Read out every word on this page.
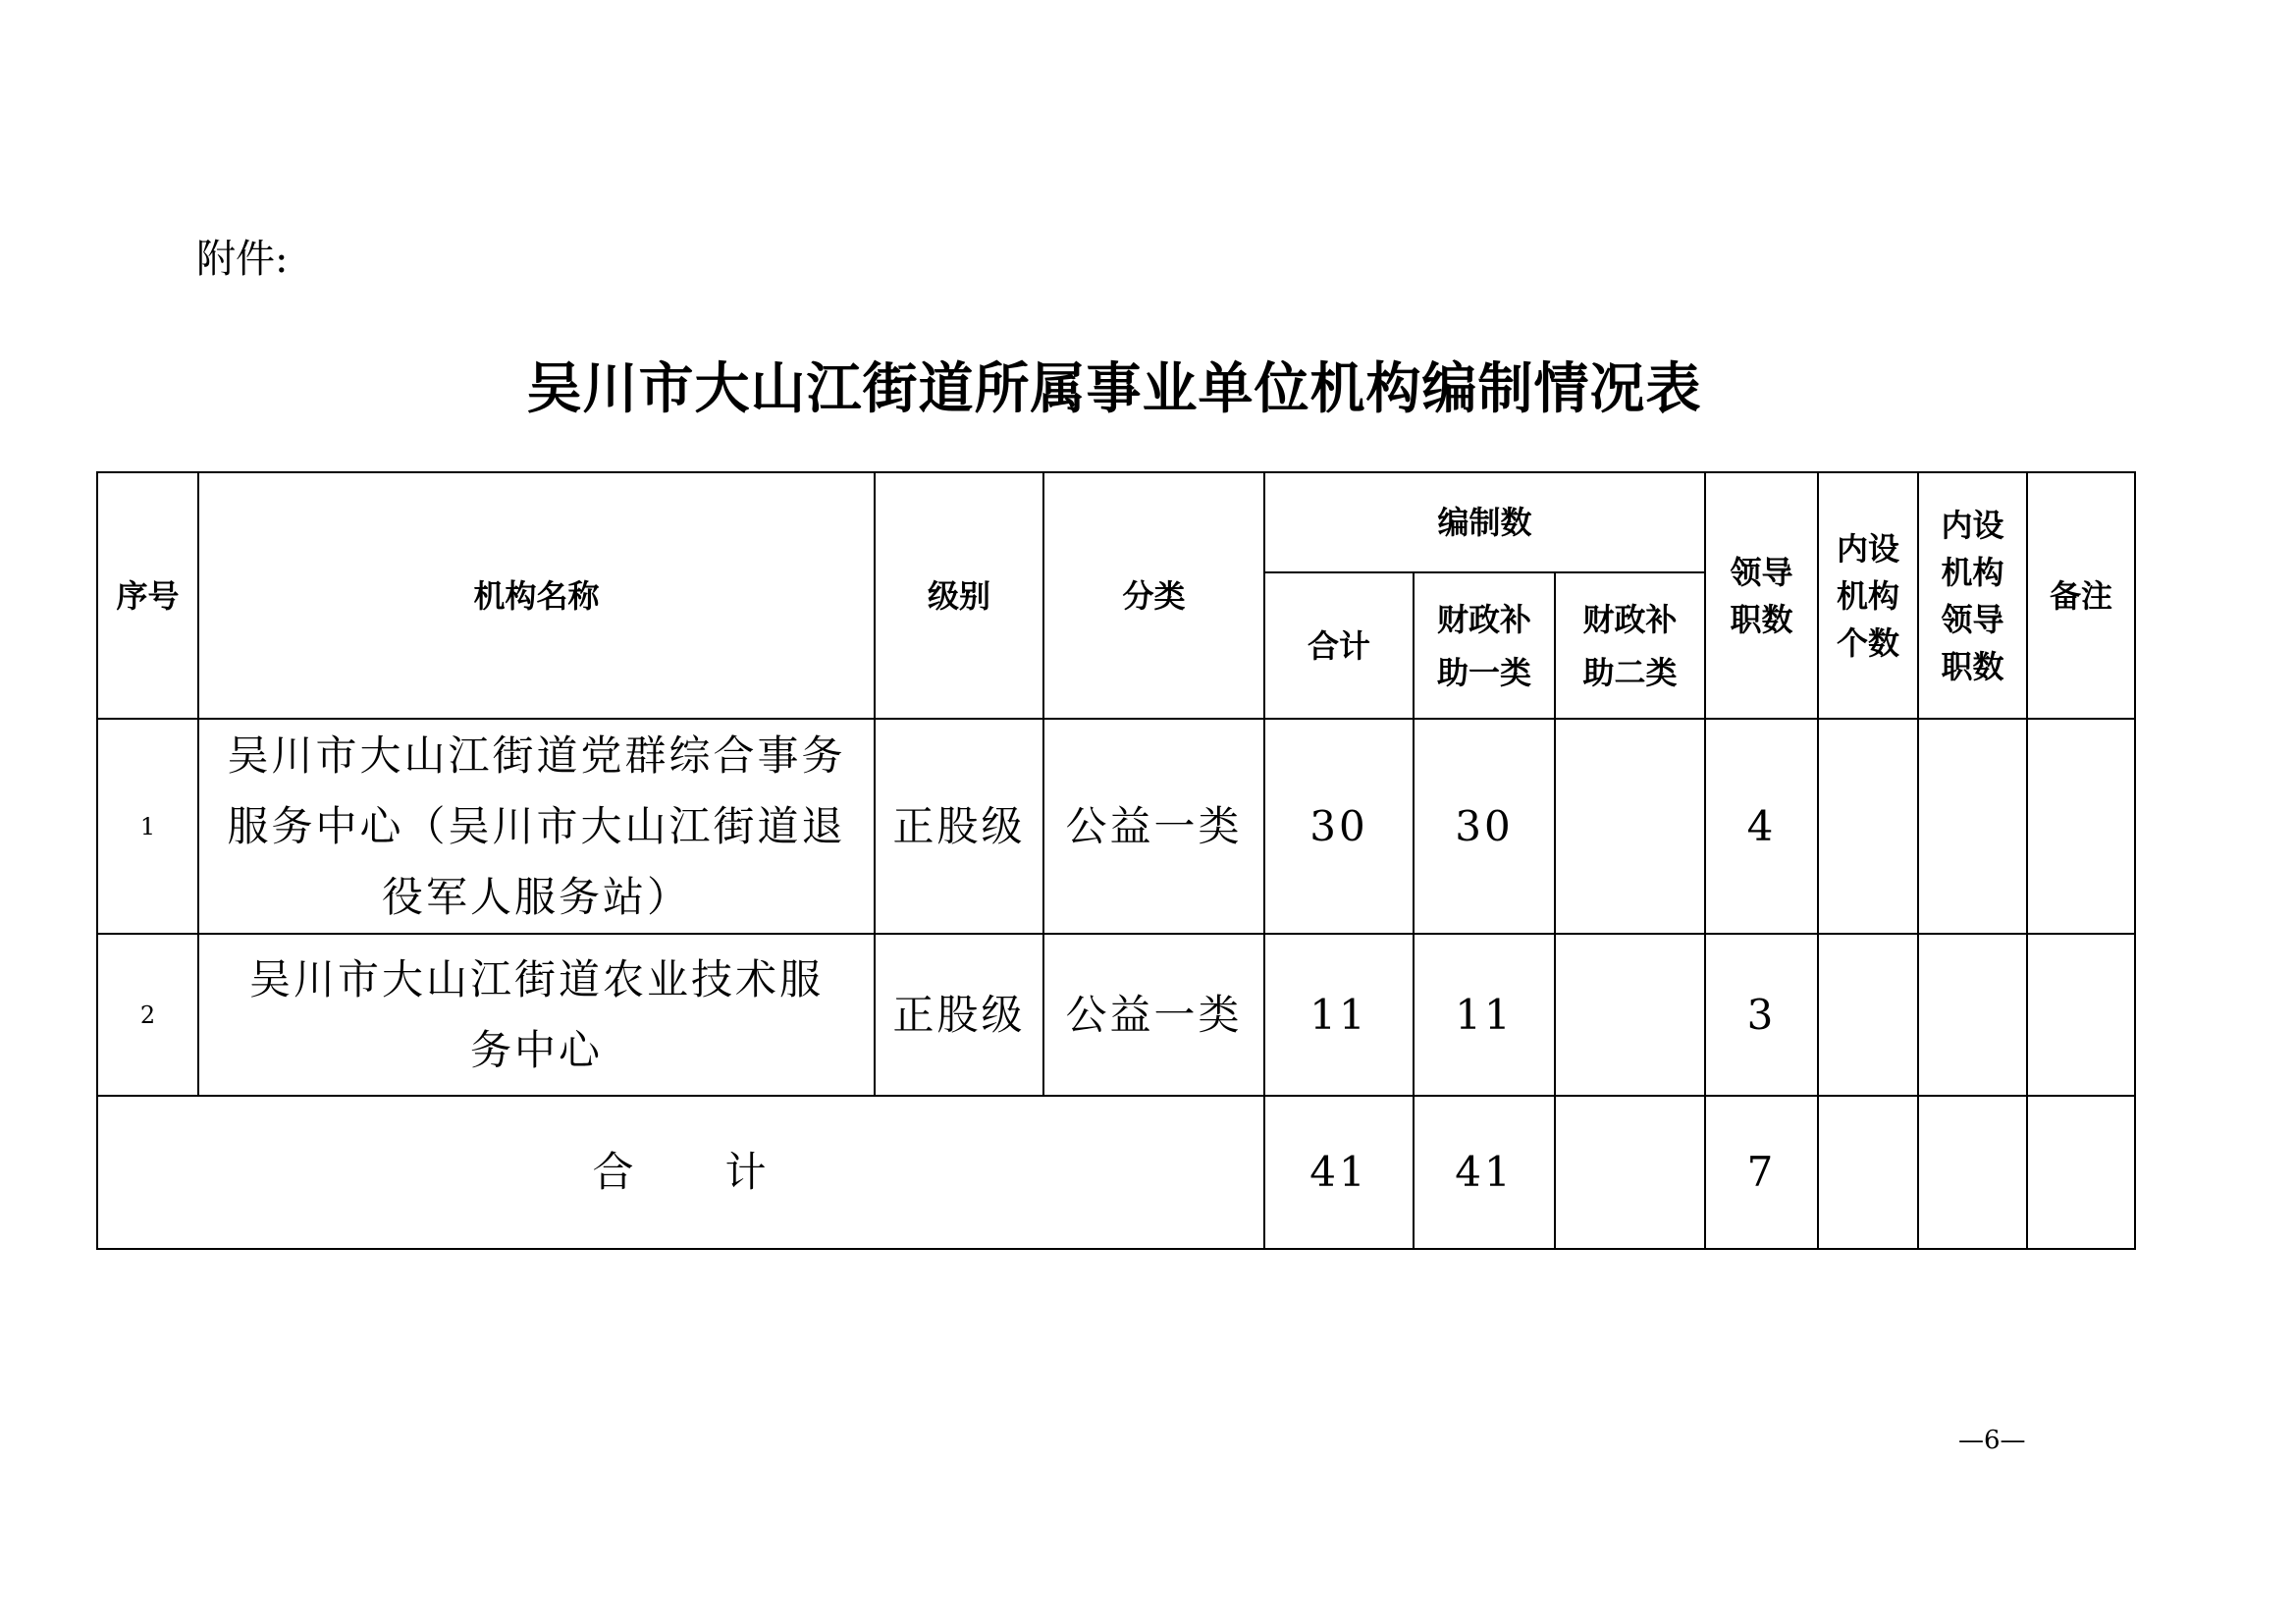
附件:
吴川市大山江街道所属事业单位机构编制情况表
序号	机构名称	级别	分类	编制数			领导职数	内设机构个数	内设机构领导职数	备注
				合计	财政补助一类	财政补助二类				
1	吴川市大山江街道党群综合事务服务中心（吴川市大山江街道退役军人服务站）	正股级	公益一类	30	30		4			
2	吴川市大山江街道农业技术服务中心	正股级	公益一类	11	11		3			
合　　计				41	41		7			
—6—
